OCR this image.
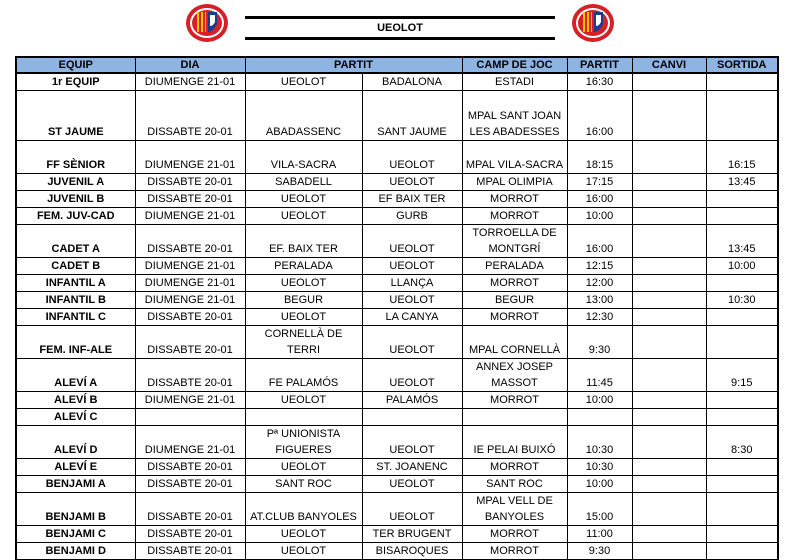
UEOLOT
EQUIP	DIA	PARTIT		CAMP DE JOC	PARTIT	CANVI	SORTIDA
1r EQUIP	DIUMENGE 21-01	UEOLOT	BADALONA	ESTADI	16:30		
ST JAUME	DISSABTE 20-01	ABADASSENC	SANT JAUME	MPAL SANT JOAN LES ABADESSES	16:00		
FF SÈNIOR	DIUMENGE 21-01	VILA-SACRA	UEOLOT	MPAL VILA-SACRA	18:15		16:15
JUVENIL A	DISSABTE 20-01	SABADELL	UEOLOT	MPAL OLIMPIA	17:15		13:45
JUVENIL B	DISSABTE 20-01	UEOLOT	EF BAIX TER	MORROT	16:00		
FEM. JUV-CAD	DIUMENGE 21-01	UEOLOT	GURB	MORROT	10:00		
CADET A	DISSABTE 20-01	EF. BAIX TER	UEOLOT	TORROELLA DE MONTGRÍ	16:00		13:45
CADET B	DIUMENGE 21-01	PERALADA	UEOLOT	PERALADA	12:15		10:00
INFANTIL A	DIUMENGE 21-01	UEOLOT	LLANÇA	MORROT	12:00		
INFANTIL B	DIUMENGE 21-01	BEGUR	UEOLOT	BEGUR	13:00		10:30
INFANTIL C	DISSABTE 20-01	UEOLOT	LA CANYA	MORROT	12:30		
FEM. INF-ALE	DISSABTE 20-01	CORNELLÀ DE TERRI	UEOLOT	MPAL CORNELLÀ	9:30		
ALEVÍ A	DISSABTE 20-01	FE PALAMÓS	UEOLOT	ANNEX JOSEP MASSOT	11:45		9:15
ALEVÍ B	DIUMENGE 21-01	UEOLOT	PALAMÓS	MORROT	10:00		
ALEVÍ C							
ALEVÍ D	DIUMENGE 21-01	Pª UNIONISTA FIGUERES	UEOLOT	IE PELAI BUIXÓ	10:30		8:30
ALEVÍ E	DISSABTE 20-01	UEOLOT	ST. JOANENC	MORROT	10:30		
BENJAMI A	DISSABTE 20-01	SANT ROC	UEOLOT	SANT ROC	10:00		
BENJAMI B	DISSABTE 20-01	AT.CLUB BANYOLES	UEOLOT	MPAL VELL DE BANYOLES	15:00		
BENJAMI C	DISSABTE 20-01	UEOLOT	TER BRUGENT	MORROT	11:00		
BENJAMI D	DISSABTE 20-01	UEOLOT	BISAROQUES	MORROT	9:30		
